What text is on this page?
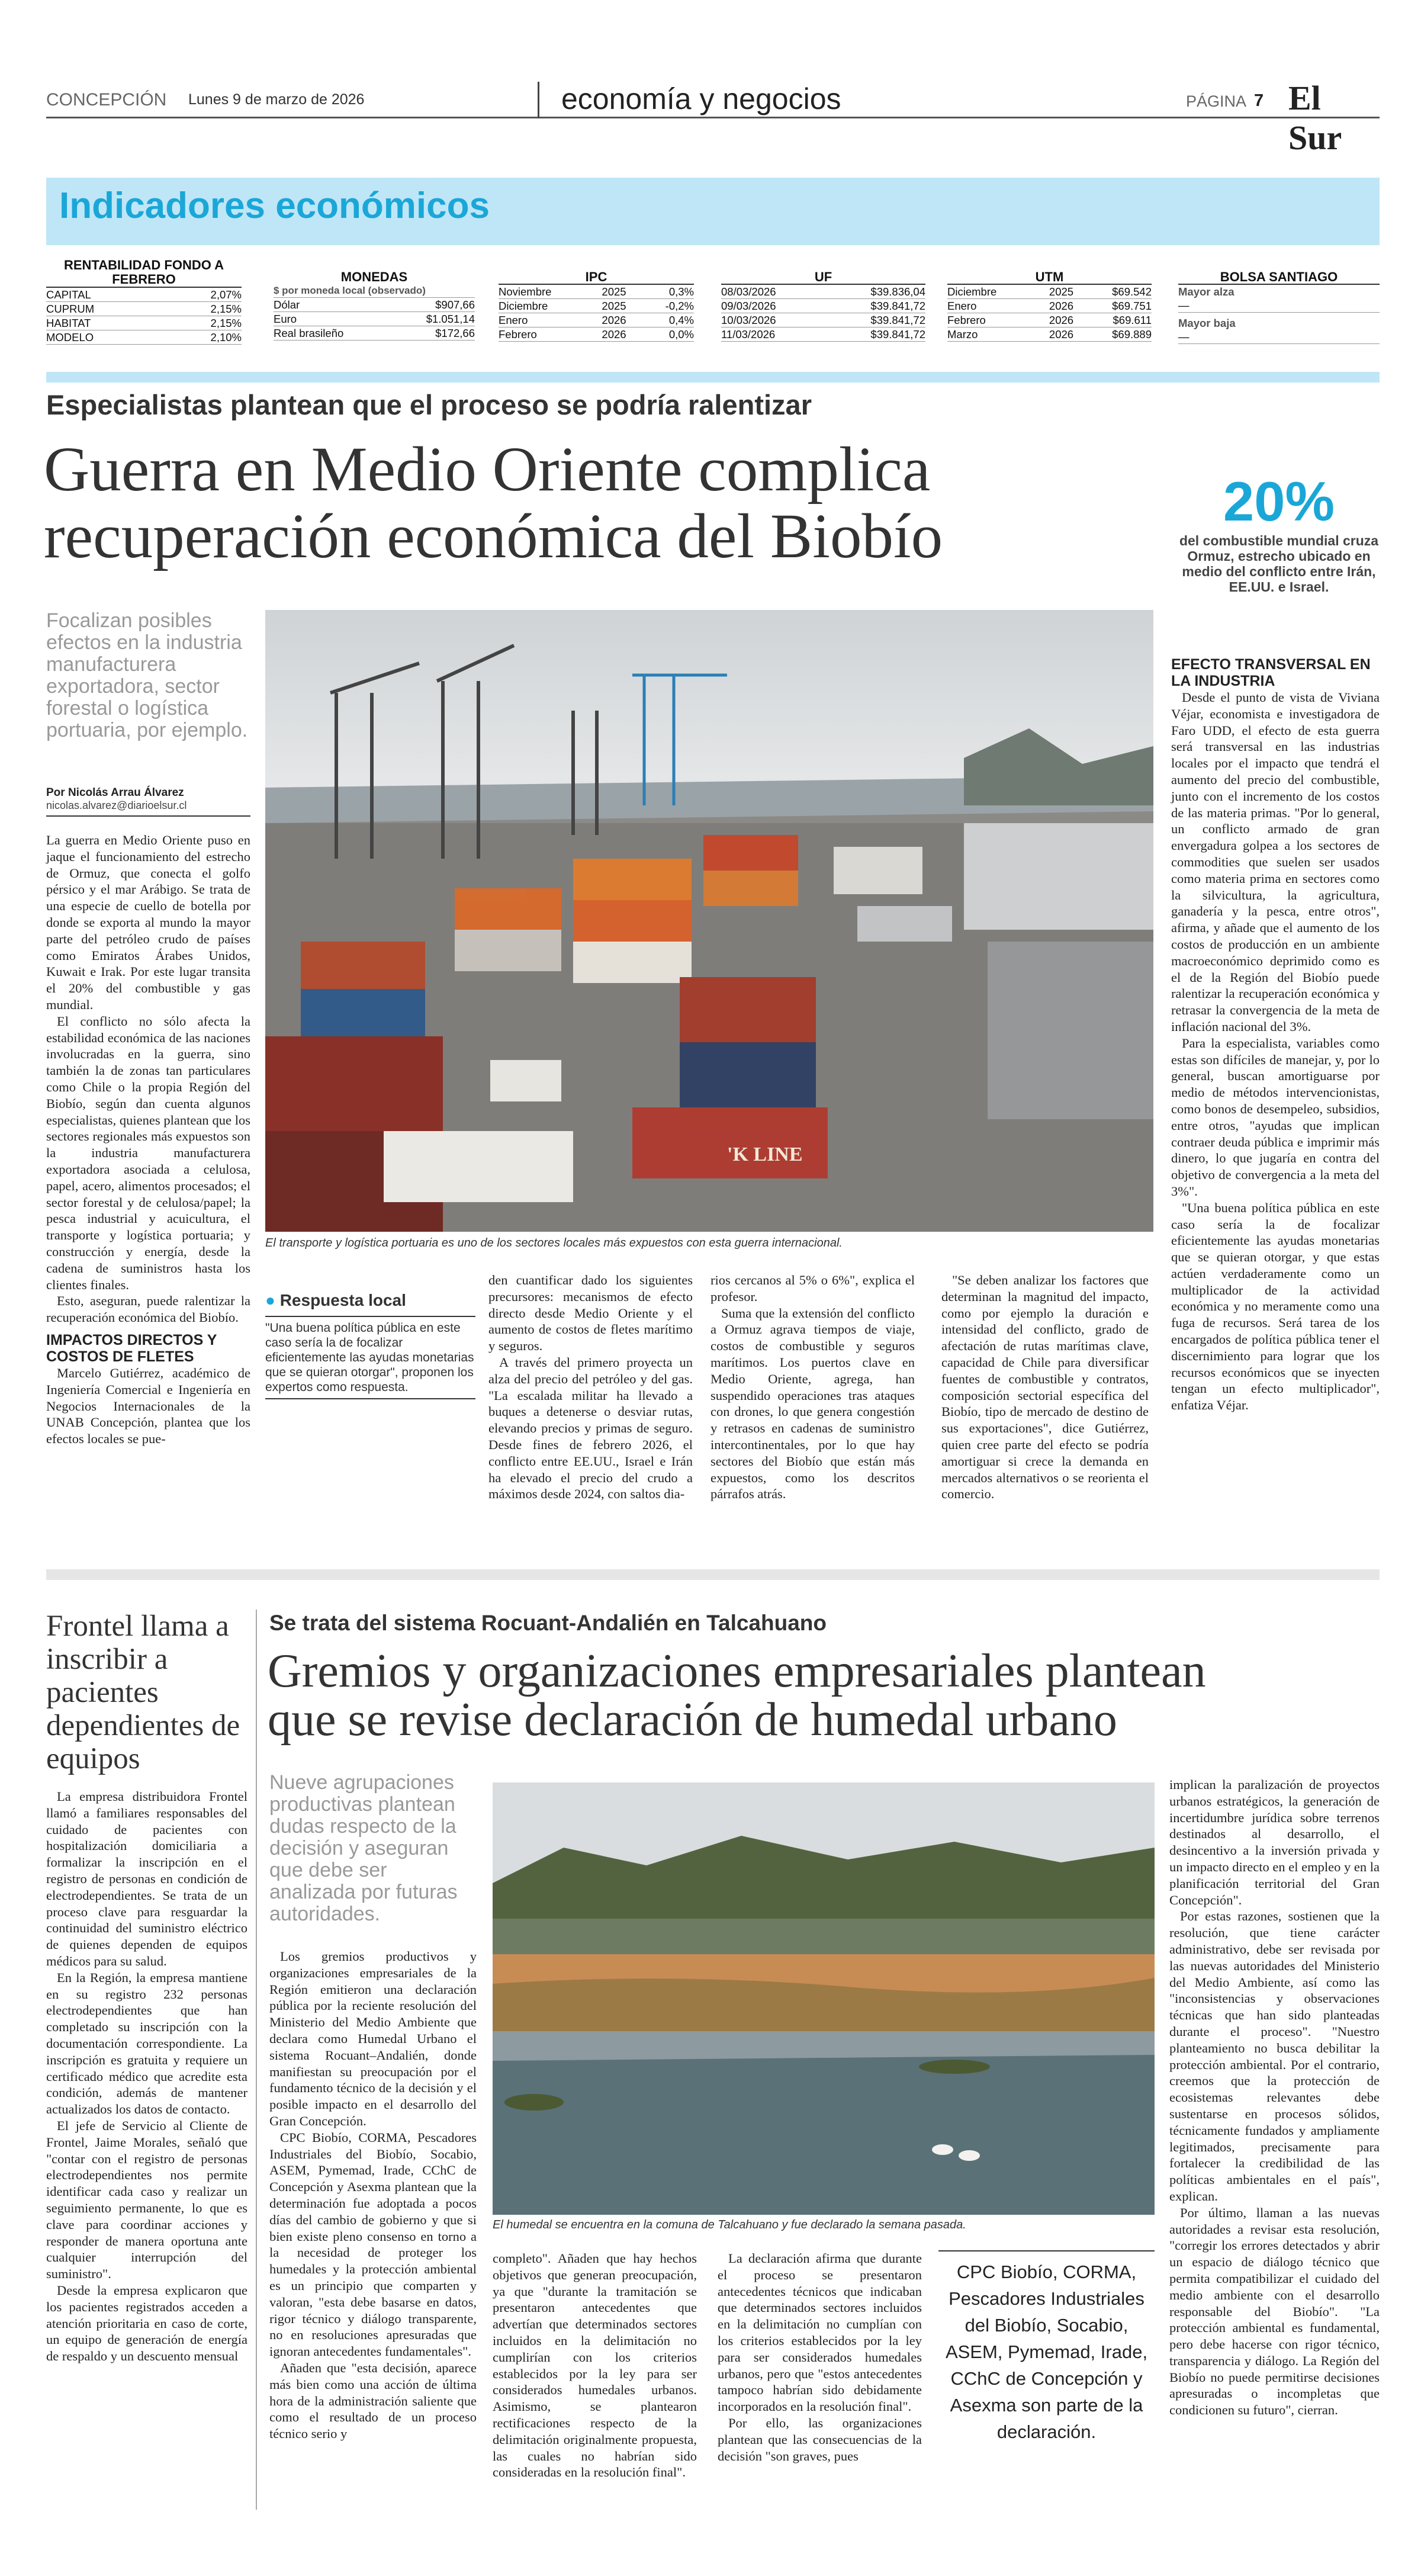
CONCEPCIÓN Lunes 9 de marzo de 2026	economía y negocios	PÁGINA 7 El Sur
Indicadores económicos
RENTABILIDAD FONDO A FEBRERO
CAPITAL	2,07%
CUPRUM	2,15%
HABITAT	2,15%
MODELO	2,10%
MONEDAS
$ por moneda local (observado)
Dólar	$907,66
Euro	$1.051,14
Real brasileño	$172,66
IPC
Noviembre	2025	0,3%
Diciembre	2025	-0,2%
Enero	2026	0,4%
Febrero	2026	0,0%
UF
08/03/2026	$39.836,04
09/03/2026	$39.841,72
10/03/2026	$39.841,72
11/03/2026	$39.841,72
UTM
Diciembre	2025	$69.542
Enero	2026	$69.751
Febrero	2026	$69.611
Marzo	2026	$69.889
BOLSA SANTIAGO
Mayor alza
—
Mayor baja
—
Especialistas plantean que el proceso se podría ralentizar
Guerra en Medio Oriente complica
recuperación económica del Biobío
20%
del combustible mundial cruza Ormuz, estrecho ubicado en medio del conflicto entre Irán, EE.UU. e Israel.
Focalizan posibles efectos en la industria manufacturera exportadora, sector forestal o logística portuaria, por ejemplo.
Por Nicolás Arrau Álvarez
nicolas.alvarez@diarioelsur.cl
'K LINE
El transporte y logística portuaria es uno de los sectores locales más expuestos con esta guerra internacional.

La guerra en Medio Oriente puso en jaque el funcionamiento del estrecho de Ormuz, que conecta el golfo pérsico y el mar Arábigo. Se trata de una especie de cuello de botella por donde se exporta al mundo la mayor parte del petróleo crudo de países como Emiratos Árabes Unidos, Kuwait e Irak. Por este lugar transita el 20% del combustible y gas mundial.

El conflicto no sólo afecta la estabilidad económica de las naciones involucradas en la guerra, sino también la de zonas tan particulares como Chile o la propia Región del Biobío, según dan cuenta algunos especialistas, quienes plantean que los sectores regionales más expuestos son la industria manufacturera exportadora asociada a celulosa, papel, acero, alimentos procesados; el sector forestal y de celulosa/papel; la pesca industrial y acuicultura, el transporte y logística portuaria; y construcción y energía, desde la cadena de suministros hasta los clientes finales.

Esto, aseguran, puede ralentizar la recuperación económica del Biobío.

IMPACTOS DIRECTOS Y COSTOS DE FLETES

Marcelo Gutiérrez, académico de Ingeniería Comercial e Ingeniería en Negocios Internacionales de la UNAB Concepción, plantea que los efectos locales se pue-

● Respuesta local
"Una buena política pública en este caso sería la de focalizar eficientemente las ayudas monetarias que se quieran otorgar", proponen los expertos como respuesta.

den cuantificar dado los siguientes precursores: mecanismos de efecto directo desde Medio Oriente y el aumento de costos de fletes marítimo y seguros.

A través del primero proyecta un alza del precio del petróleo y del gas. "La escalada militar ha llevado a buques a detenerse o desviar rutas, elevando precios y primas de seguro. Desde fines de febrero 2026, el conflicto entre EE.UU., Israel e Irán ha elevado el precio del crudo a máximos desde 2024, con saltos dia-

rios cercanos al 5% o 6%", explica el profesor.

Suma que la extensión del conflicto a Ormuz agrava tiempos de viaje, costos de combustible y seguros marítimos. Los puertos clave en Medio Oriente, agrega, han suspendido operaciones tras ataques con drones, lo que genera congestión y retrasos en cadenas de suministro intercontinentales, por lo que hay sectores del Biobío que están más expuestos, como los descritos párrafos atrás.

"Se deben analizar los factores que determinan la magnitud del impacto, como por ejemplo la duración e intensidad del conflicto, grado de afectación de rutas marítimas clave, capacidad de Chile para diversificar fuentes de combustible y contratos, composición sectorial específica del Biobío, tipo de mercado de destino de sus exportaciones", dice Gutiérrez, quien cree parte del efecto se podría amortiguar si crece la demanda en mercados alternativos o se reorienta el comercio.

EFECTO TRANSVERSAL EN LA INDUSTRIA

Desde el punto de vista de Viviana Véjar, economista e investigadora de Faro UDD, el efecto de esta guerra será transversal en las industrias locales por el impacto que tendrá el aumento del precio del combustible, junto con el incremento de los costos de las materia primas. "Por lo general, un conflicto armado de gran envergadura golpea a los sectores de commodities que suelen ser usados como materia prima en sectores como la silvicultura, la agricultura, ganadería y la pesca, entre otros", afirma, y añade que el aumento de los costos de producción en un ambiente macroeconómico deprimido como es el de la Región del Biobío puede ralentizar la recuperación económica y retrasar la convergencia de la meta de inflación nacional del 3%.

Para la especialista, variables como estas son difíciles de manejar, y, por lo general, buscan amortiguarse por medio de métodos intervencionistas, como bonos de desempeleo, subsidios, entre otros, "ayudas que implican contraer deuda pública e imprimir más dinero, lo que jugaría en contra del objetivo de convergencia a la meta del 3%".

"Una buena política pública en este caso sería la de focalizar eficientemente las ayudas monetarias que se quieran otorgar, y que estas actúen verdaderamente como un multiplicador de la actividad económica y no meramente como una fuga de recursos. Será tarea de los encargados de política pública tener el discernimiento para lograr que los recursos económicos que se inyecten tengan un efecto multiplicador", enfatiza Véjar.

Frontel llama a inscribir a pacientes dependientes de equipos

La empresa distribuidora Frontel llamó a familiares responsables del cuidado de pacientes con hospitalización domiciliaria a formalizar la inscripción en el registro de personas en condición de electrodependientes. Se trata de un proceso clave para resguardar la continuidad del suministro eléctrico de quienes dependen de equipos médicos para su salud.

En la Región, la empresa mantiene en su registro 232 personas electrodependientes que han completado su inscripción con la documentación correspondiente. La inscripción es gratuita y requiere un certificado médico que acredite esta condición, además de mantener actualizados los datos de contacto.

El jefe de Servicio al Cliente de Frontel, Jaime Morales, señaló que "contar con el registro de personas electrodependientes nos permite identificar cada caso y realizar un seguimiento permanente, lo que es clave para coordinar acciones y responder de manera oportuna ante cualquier interrupción del suministro".

Desde la empresa explicaron que los pacientes registrados acceden a atención prioritaria en caso de corte, un equipo de generación de energía de respaldo y un descuento mensual

Se trata del sistema Rocuant-Andalién en Talcahuano
Gremios y organizaciones empresariales plantean
que se revise declaración de humedal urbano
Nueve agrupaciones productivas plantean dudas respecto de la decisión y aseguran que debe ser analizada por futuras autoridades.
El humedal se encuentra en la comuna de Talcahuano y fue declarado la semana pasada.

Los gremios productivos y organizaciones empresariales de la Región emitieron una declaración pública por la reciente resolución del Ministerio del Medio Ambiente que declara como Humedal Urbano el sistema Rocuant–Andalién, donde manifiestan su preocupación por el fundamento técnico de la decisión y el posible impacto en el desarrollo del Gran Concepción.

CPC Biobío, CORMA, Pescadores Industriales del Biobío, Socabio, ASEM, Pymemad, Irade, CChC de Concepción y Asexma plantean que la determinación fue adoptada a pocos días del cambio de gobierno y que si bien existe pleno consenso en torno a la necesidad de proteger los humedales y la protección ambiental es un principio que comparten y valoran, "esta debe basarse en datos, rigor técnico y diálogo transparente, no en resoluciones apresuradas que ignoran antecedentes fundamentales".

Añaden que "esta decisión, aparece más bien como una acción de última hora de la administración saliente que como el resultado de un proceso técnico serio y

completo". Añaden que hay hechos objetivos que generan preocupación, ya que "durante la tramitación se presentaron antecedentes que advertían que determinados sectores incluidos en la delimitación no cumplirían con los criterios establecidos por la ley para ser considerados humedales urbanos. Asimismo, se plantearon rectificaciones respecto de la delimitación originalmente propuesta, las cuales no habrían sido consideradas en la resolución final".

La declaración afirma que durante el proceso se presentaron antecedentes técnicos que indicaban que determinados sectores incluidos en la delimitación no cumplían con los criterios establecidos por la ley para ser considerados humedales urbanos, pero que "estos antecedentes tampoco habrían sido debidamente incorporados en la resolución final".

Por ello, las organizaciones plantean que las consecuencias de la decisión "son graves, pues

CPC Biobío, CORMA, Pescadores Industriales del Biobío, Socabio, ASEM, Pymemad, Irade, CChC de Concepción y Asexma son parte de la declaración.

implican la paralización de proyectos urbanos estratégicos, la generación de incertidumbre jurídica sobre terrenos destinados al desarrollo, el desincentivo a la inversión privada y un impacto directo en el empleo y en la planificación territorial del Gran Concepción".

Por estas razones, sostienen que la resolución, que tiene carácter administrativo, debe ser revisada por las nuevas autoridades del Ministerio del Medio Ambiente, así como las "inconsistencias y observaciones técnicas que han sido planteadas durante el proceso". "Nuestro planteamiento no busca debilitar la protección ambiental. Por el contrario, creemos que la protección de ecosistemas relevantes debe sustentarse en procesos sólidos, técnicamente fundados y ampliamente legitimados, precisamente para fortalecer la credibilidad de las políticas ambientales en el país", explican.

Por último, llaman a las nuevas autoridades a revisar esta resolución, "corregir los errores detectados y abrir un espacio de diálogo técnico que permita compatibilizar el cuidado del medio ambiente con el desarrollo responsable del Biobío". "La protección ambiental es fundamental, pero debe hacerse con rigor técnico, transparencia y diálogo. La Región del Biobío no puede permitirse decisiones apresuradas o incompletas que condicionen su futuro", cierran.
